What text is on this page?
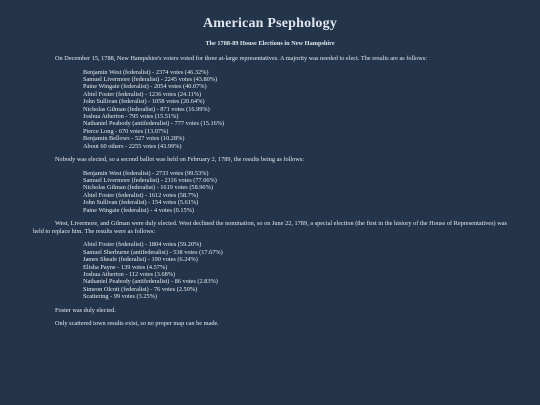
American Psephology
The 1788-89 House Elections in New Hampshire

On December 15, 1788, New Hampshire's voters voted for three at-large representatives. A majority was needed to elect. The results are as follows:

Benjamin West (federalist) - 2374 votes (46.32%)
Samuel Livermore (federalist) - 2245 votes (43.80%)
Paine Wingate (federalist) - 2054 votes (40.07%)
Abiel Foster (federalist) - 1236 votes (24.11%)
John Sullivan (federalist) - 1058 votes (20.64%)
Nicholas Gilman (federalist) - 871 votes (16.99%)
Joshua Atherton - 795 votes (15.51%)
Nathaniel Peabody (antifederalist) - 777 votes (15.16%)
Pierce Long - 670 votes (13.07%)
Benjamin Bellows - 527 votes (10.28%)
About 60 others - 2255 votes (43.99%)

Nobody was elected, so a second ballot was held on February 2, 1789, the results being as follows:

Benjamin West (federalist) - 2733 votes (99.53%)
Samuel Livermore (federalist) - 2116 votes (77.06%)
Nicholas Gilman (federalist) - 1619 votes (58.96%)
Abiel Foster (federalist) - 1612 votes (58.7%)
John Sullivan (federalist) - 154 votes (5.61%)
Paine Wingate (federalist) - 4 votes (0.15%)

West, Livermore, and Gilman were duly elected. West declined the nomination, so on June 22, 1789, a special election (the first in the history of the House of Representatives) was held to replace him. The results were as follows:

Abiel Foster (federalist) - 1804 votes (59.20%)
Samuel Sherburne (antifederalist) - 538 votes (17.67%)
James Sheafe (federalist) - 190 votes (6.24%)
Elisha Payne - 139 votes (4.57%)
Joshua Atherton - 112 votes (3.68%)
Nathaniel Peabody (antifederalist) - 86 votes (2.83%)
Simeon Olcott (federalist) - 76 votes (2.50%)
Scattering - 99 votes (3.25%)

Foster was duly elected.

Only scattered town results exist, so no proper map can be made.
